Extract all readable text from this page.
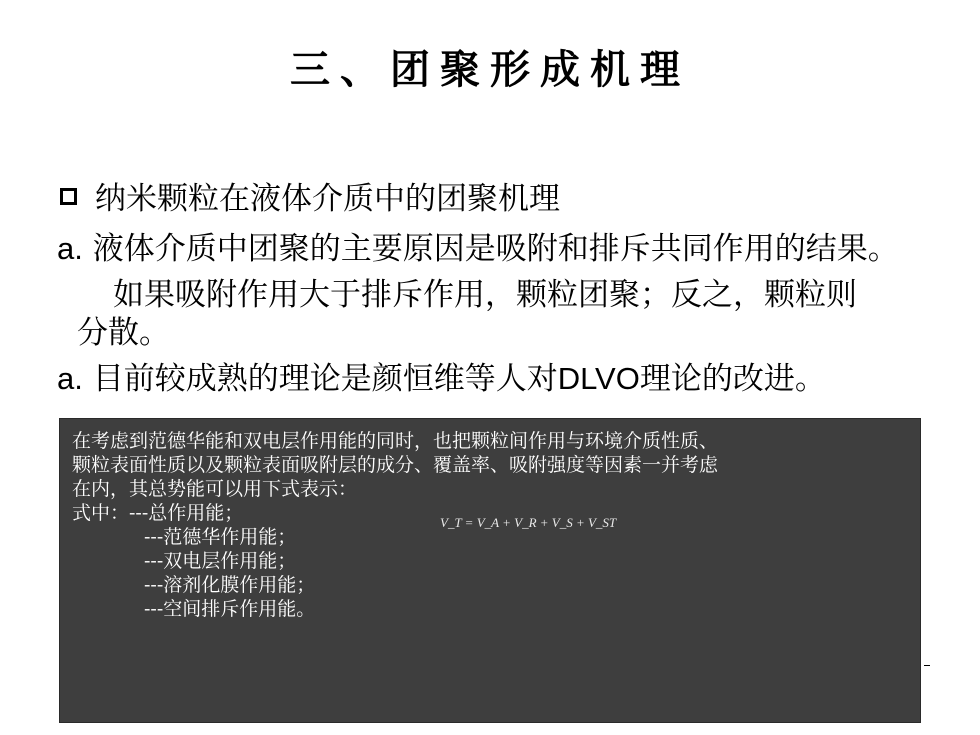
三、团聚形成机理
纳米颗粒在液体介质中的团聚机理
a. 液体介质中团聚的主要原因是吸附和排斥共同作用的结果。
如果吸附作用大于排斥作用，颗粒团聚；反之，颗粒则
分散。
a. 目前较成熟的理论是颜恒维等人对DLVO理论的改进。
在考虑到范德华能和双电层作用能的同时，也把颗粒间作用与环境介质性质、
颗粒表面性质以及颗粒表面吸附层的成分、覆盖率、吸附强度等因素一并考虑
在内，其总势能可以用下式表示：
式中：---总作用能；
---范德华作用能；
---双电层作用能；
---溶剂化膜作用能；
---空间排斥作用能。
V_T = V_A + V_R + V_S + V_ST
